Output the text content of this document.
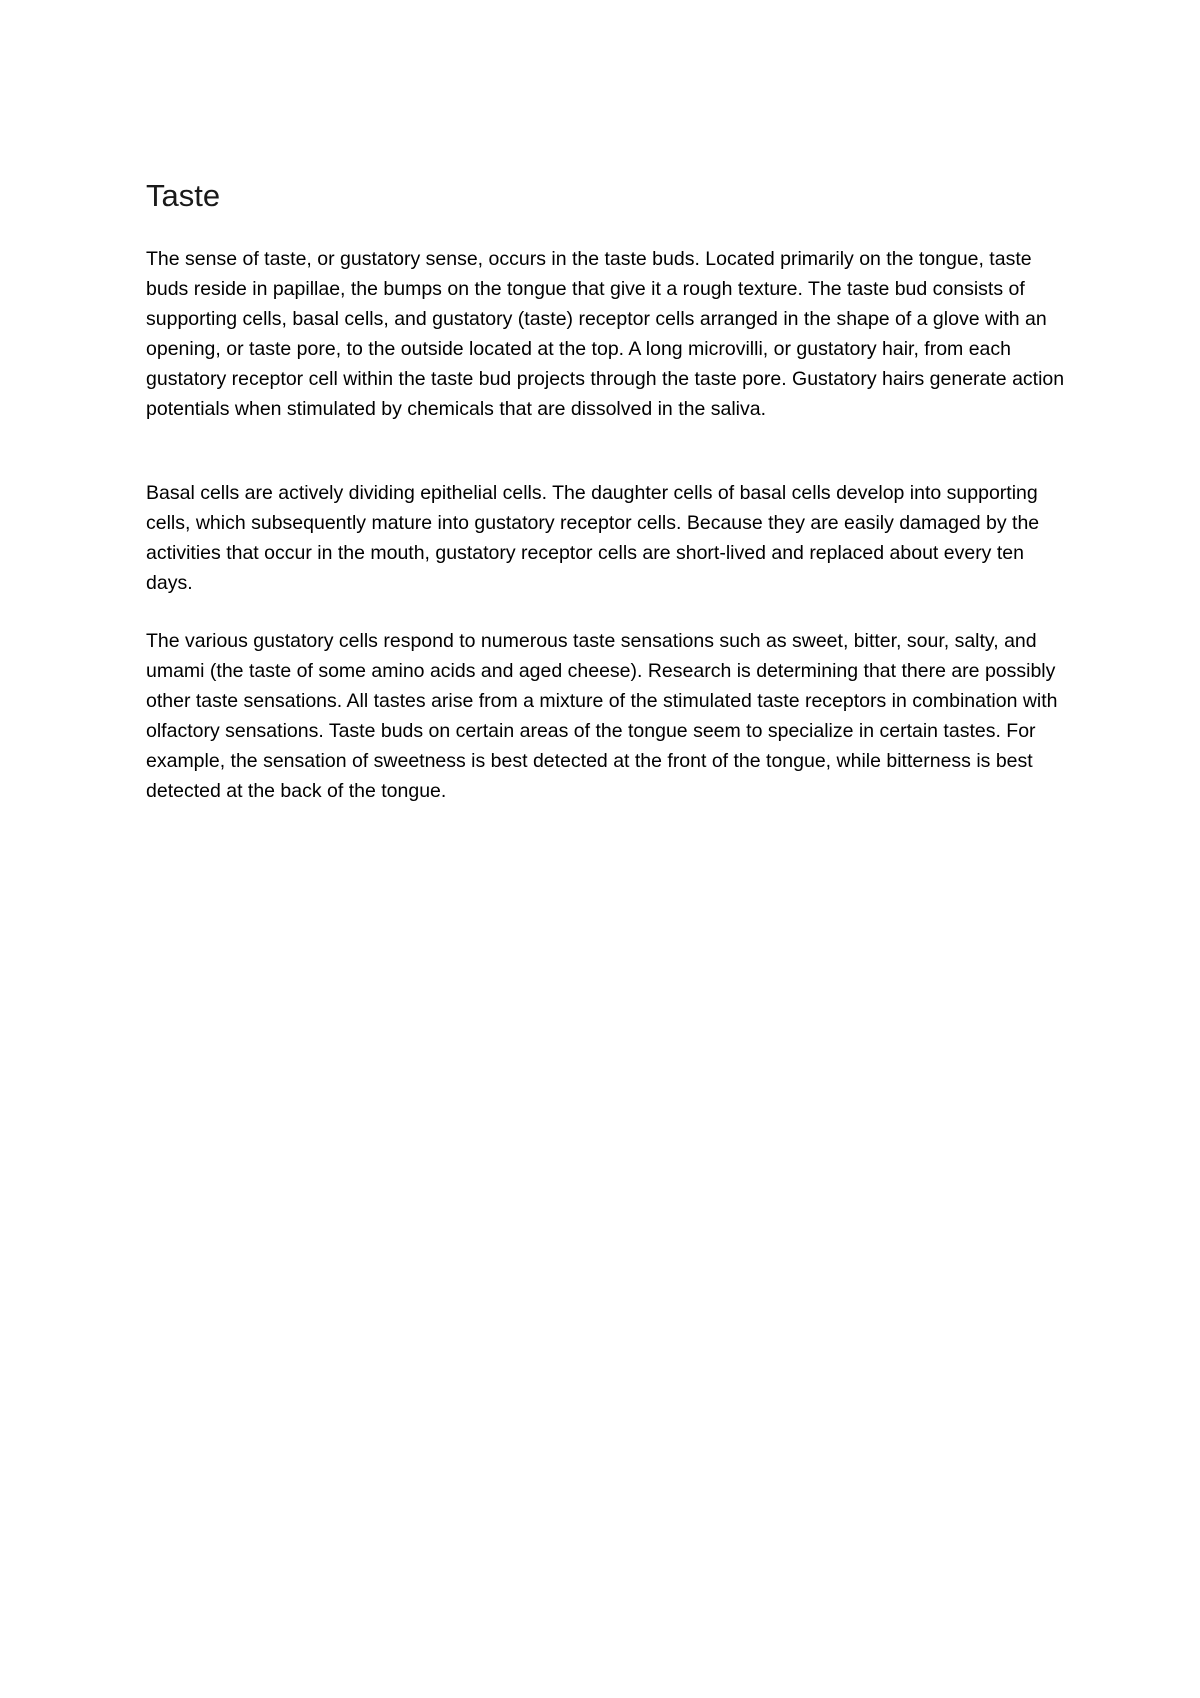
Taste

The sense of taste, or gustatory sense, occurs in the taste buds. Located primarily on the tongue, taste buds reside in papillae, the bumps on the tongue that give it a rough texture. The taste bud consists of supporting cells, basal cells, and gustatory (taste) receptor cells arranged in the shape of a glove with an opening, or taste pore, to the outside located at the top. A long microvilli, or gustatory hair, from each gustatory receptor cell within the taste bud projects through the taste pore. Gustatory hairs generate action potentials when stimulated by chemicals that are dissolved in the saliva.

Basal cells are actively dividing epithelial cells. The daughter cells of basal cells develop into supporting cells, which subsequently mature into gustatory receptor cells. Because they are easily damaged by the activities that occur in the mouth, gustatory receptor cells are short-lived and replaced about every ten days.

The various gustatory cells respond to numerous taste sensations such as sweet, bitter, sour, salty, and umami (the taste of some amino acids and aged cheese). Research is determining that there are possibly other taste sensations. All tastes arise from a mixture of the stimulated taste receptors in combination with olfactory sensations. Taste buds on certain areas of the tongue seem to specialize in certain tastes. For example, the sensation of sweetness is best detected at the front of the tongue, while bitterness is best detected at the back of the tongue.
